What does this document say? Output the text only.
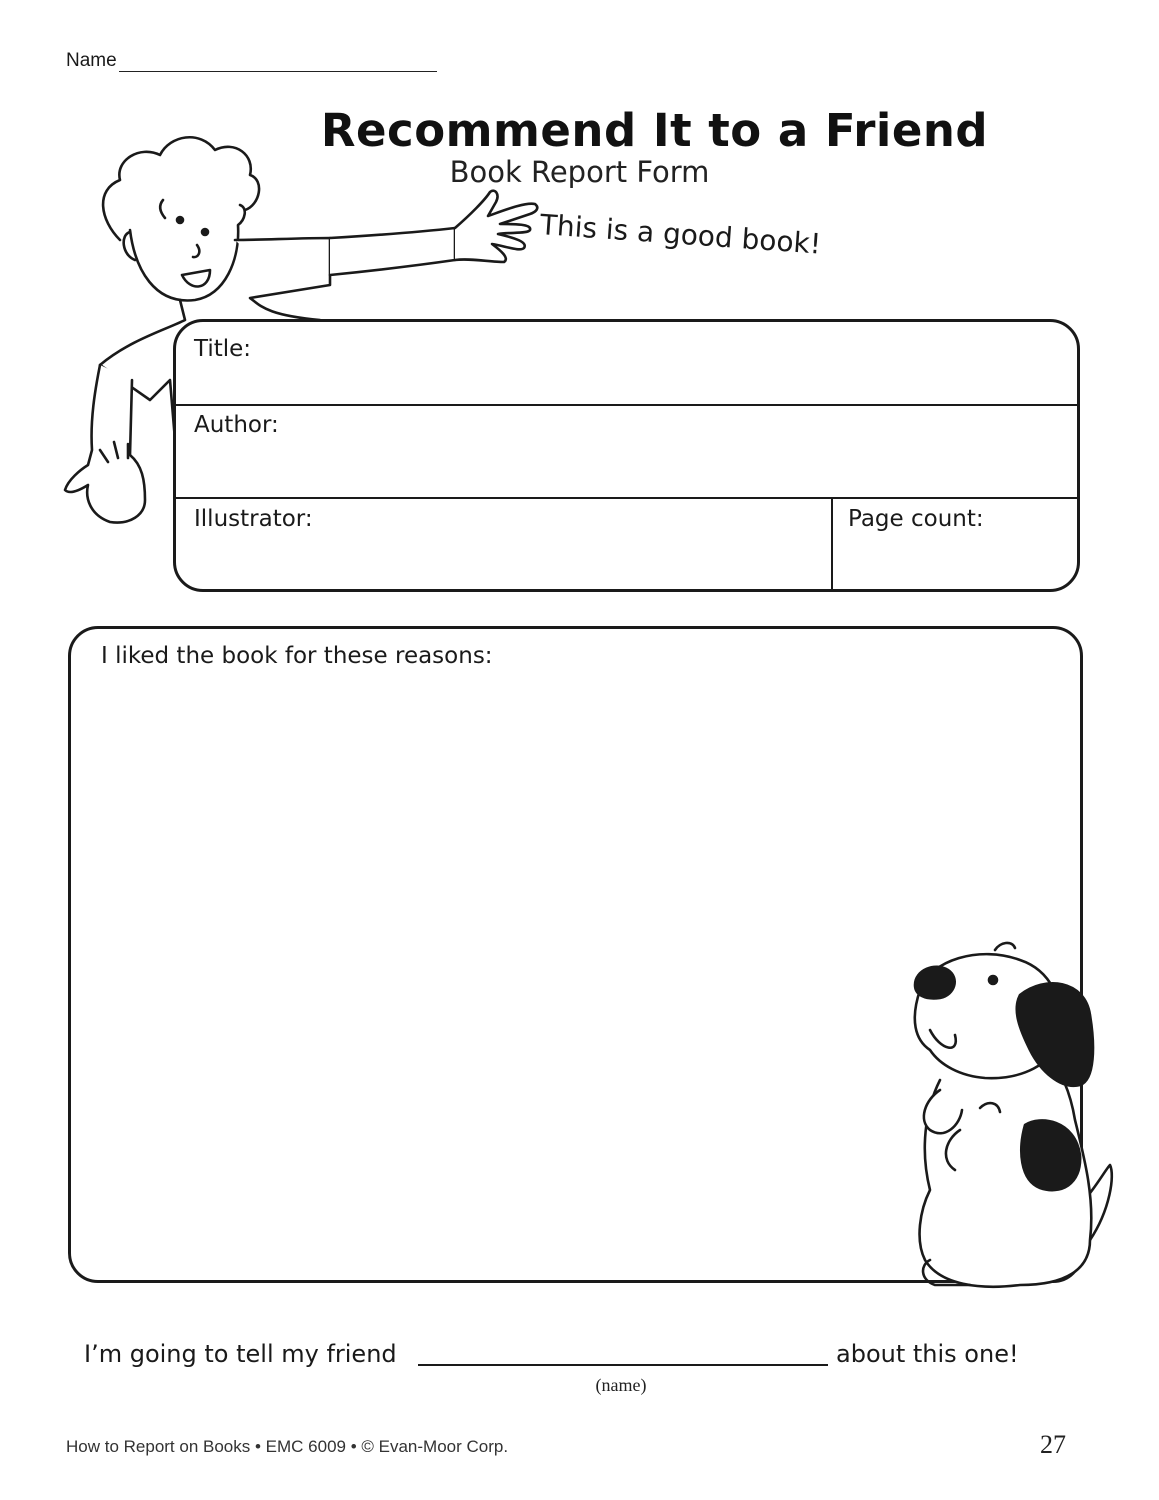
Name
Recommend It to a Friend
Book Report Form
This is a good book!
Title:
Author:
Illustrator:	Page count:
I liked the book for these reasons:
I’m going to tell my friend	about this one!
(name)
How to Report on Books • EMC 6009 • © Evan-Moor Corp.	27
